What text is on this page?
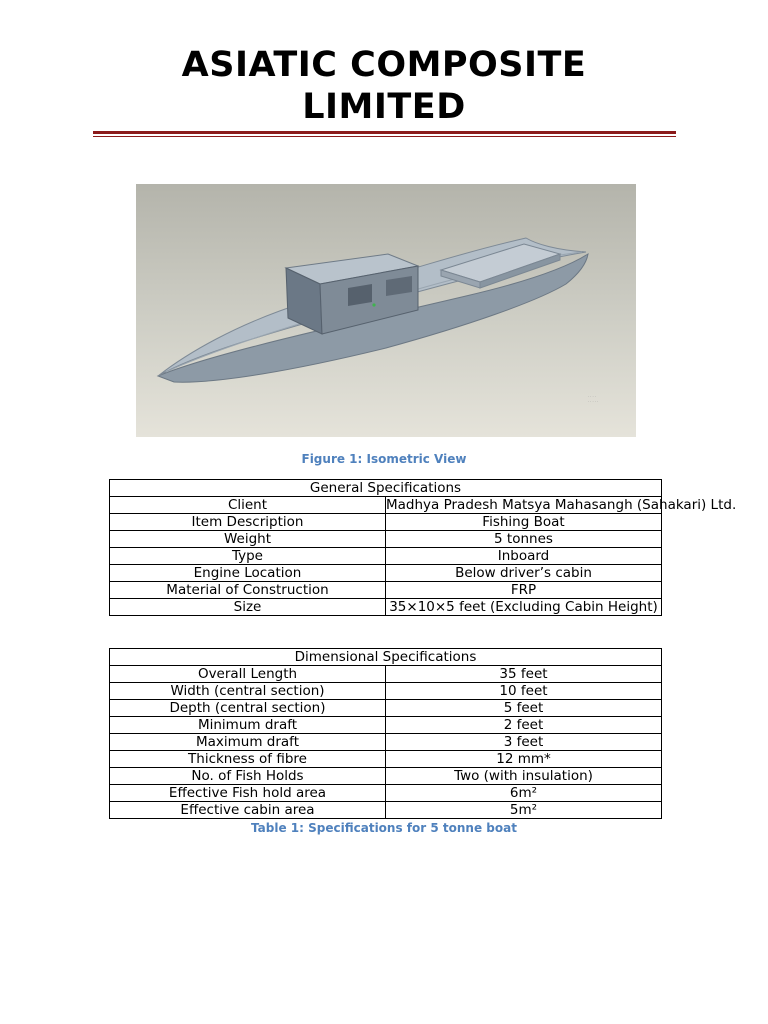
ASIATIC COMPOSITE
LIMITED
· · · ·
· · · · ·
Figure 1: Isometric View
General Specifications	
Client	Madhya Pradesh Matsya Mahasangh (Sahakari) Ltd.
Item Description	Fishing Boat
Weight	5 tonnes
Type	Inboard
Engine Location	Below driver’s cabin
Material of Construction	FRP
Size	35×10×5 feet (Excluding Cabin Height)
Dimensional Specifications	
Overall Length	35 feet
Width (central section)	10 feet
Depth (central section)	5 feet
Minimum draft	2 feet
Maximum draft	3 feet
Thickness of fibre	12 mm*
No. of Fish Holds	Two (with insulation)
Effective Fish hold area	6m²
Effective cabin area	5m²
Table 1: Specifications for 5 tonne boat
